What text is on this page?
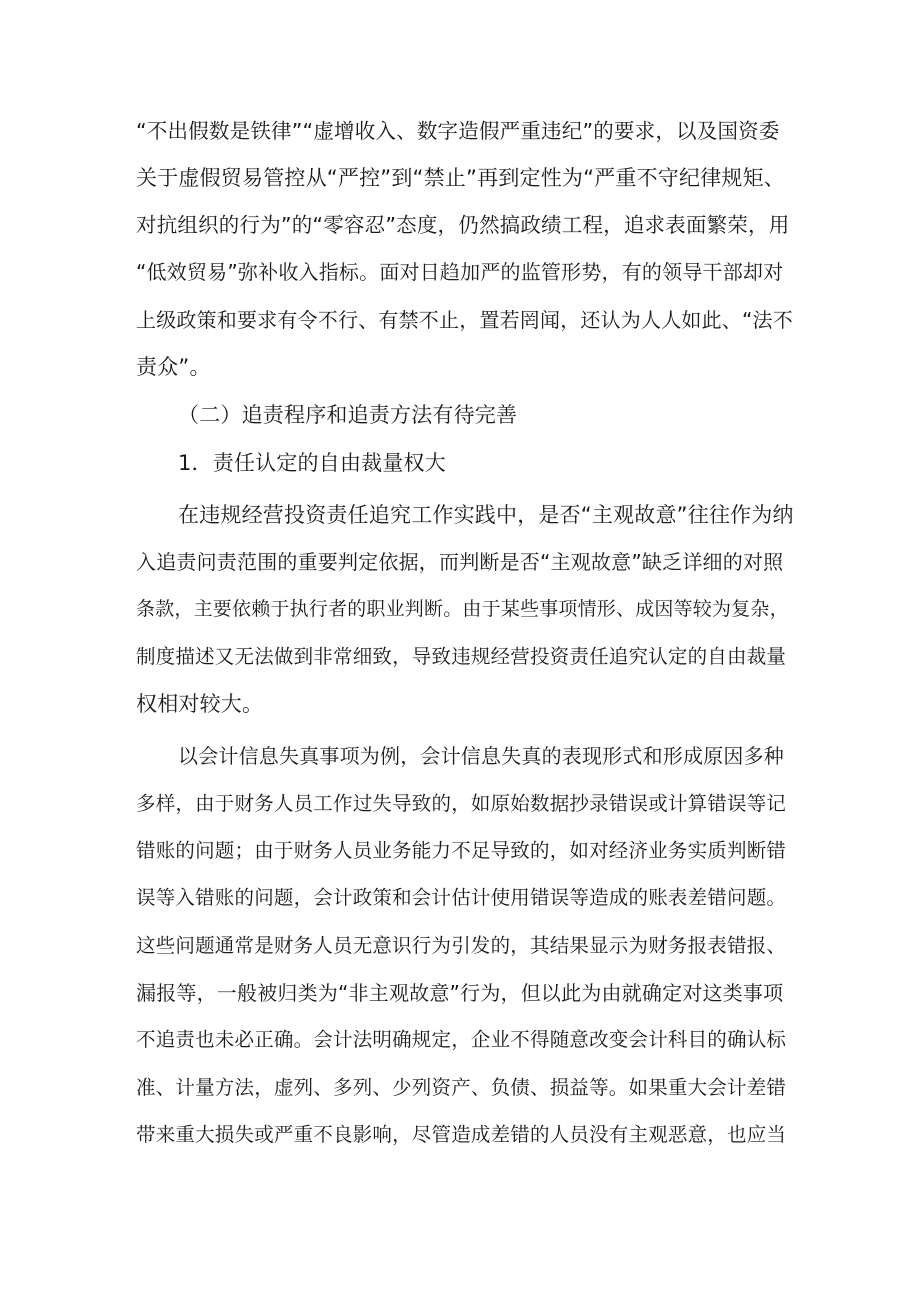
“不出假数是铁律”“虚增收入、数字造假严重违纪”的要求，以及国资委
关于虚假贸易管控从“严控”到“禁止”再到定性为“严重不守纪律规矩、
对抗组织的行为”的“零容忍”态度，仍然搞政绩工程，追求表面繁荣，用
“低效贸易”弥补收入指标。面对日趋加严的监管形势，有的领导干部却对
上级政策和要求有令不行、有禁不止，置若罔闻，还认为人人如此、“法不
责众”。
（二）追责程序和追责方法有待完善
1．责任认定的自由裁量权大
在违规经营投资责任追究工作实践中，是否“主观故意”往往作为纳
入追责问责范围的重要判定依据，而判断是否“主观故意”缺乏详细的对照
条款，主要依赖于执行者的职业判断。由于某些事项情形、成因等较为复杂，
制度描述又无法做到非常细致，导致违规经营投资责任追究认定的自由裁量
权相对较大。
以会计信息失真事项为例，会计信息失真的表现形式和形成原因多种
多样，由于财务人员工作过失导致的，如原始数据抄录错误或计算错误等记
错账的问题；由于财务人员业务能力不足导致的，如对经济业务实质判断错
误等入错账的问题，会计政策和会计估计使用错误等造成的账表差错问题。
这些问题通常是财务人员无意识行为引发的，其结果显示为财务报表错报、
漏报等，一般被归类为“非主观故意”行为，但以此为由就确定对这类事项
不追责也未必正确。会计法明确规定，企业不得随意改变会计科目的确认标
准、计量方法，虚列、多列、少列资产、负债、损益等。如果重大会计差错
带来重大损失或严重不良影响，尽管造成差错的人员没有主观恶意，也应当
